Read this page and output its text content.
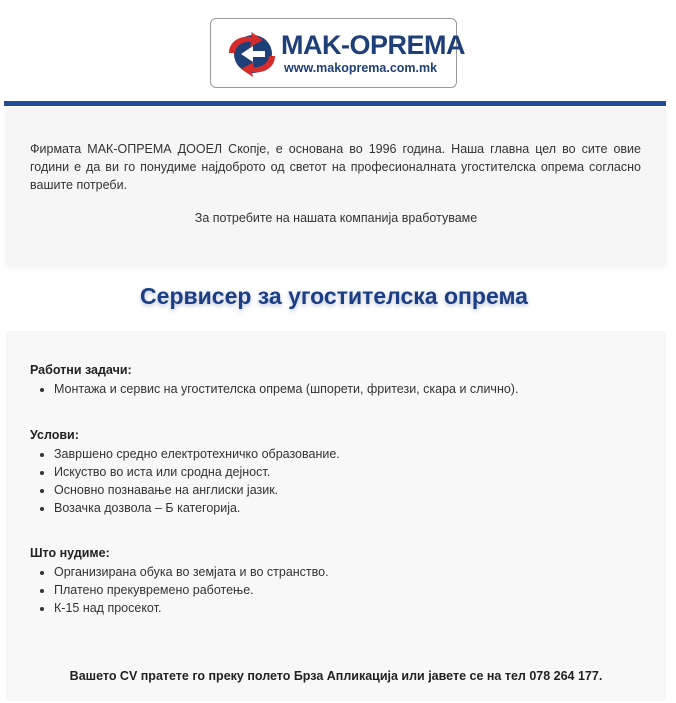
MAK-OPREMA
www.makoprema.com.mk
Фирмата МАК-ОПРЕМА ДООЕЛ Скопје, е основана во 1996 година. Наша главна цел во сите овие години е да ви го понудиме најдоброто од светот на професионалната угостителска опрема согласно вашите потреби.
За потребите на нашата компанија вработуваме
Сервисер за угостителска опрема
Работни задачи:
• Монтажа и сервис на угостителска опрема (шпорети, фритези, скара и слично).
Услови:
• Завршено средно електротехничко образование.
• Искуство во иста или сродна дејност.
• Основно познавање на англиски јазик.
• Возачка дозвола – Б категорија.
Што нудиме:
• Организирана обука во земјата и во странство.
• Платено прекувремено работење.
• К-15 над просекот.
Вашето CV пратете го преку полето Брза Апликација или јавете се на тел 078 264 177.
